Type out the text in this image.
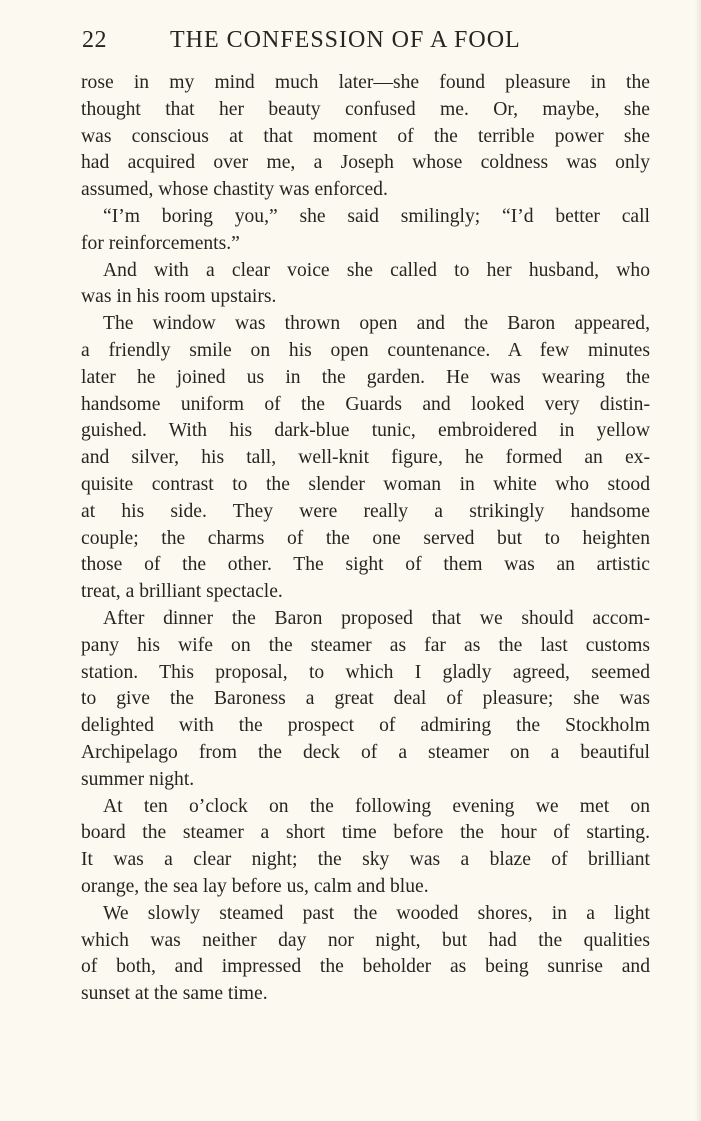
22	THE CONFESSION OF A FOOL
rose in my mind much later—she found pleasure in the
thought that her beauty confused me. Or, maybe, she
was conscious at that moment of the terrible power she
had acquired over me, a Joseph whose coldness was only
assumed, whose chastity was enforced.
“I’m boring you,” she said smilingly; “I’d better call
for reinforcements.”
And with a clear voice she called to her husband, who
was in his room upstairs.
The window was thrown open and the Baron appeared,
a friendly smile on his open countenance. A few minutes
later he joined us in the garden. He was wearing the
handsome uniform of the Guards and looked very distin-
guished. With his dark-blue tunic, embroidered in yellow
and silver, his tall, well-knit figure, he formed an ex-
quisite contrast to the slender woman in white who stood
at his side. They were really a strikingly handsome
couple; the charms of the one served but to heighten
those of the other. The sight of them was an artistic
treat, a brilliant spectacle.
After dinner the Baron proposed that we should accom-
pany his wife on the steamer as far as the last customs
station. This proposal, to which I gladly agreed, seemed
to give the Baroness a great deal of pleasure; she was
delighted with the prospect of admiring the Stockholm
Archipelago from the deck of a steamer on a beautiful
summer night.
At ten o’clock on the following evening we met on
board the steamer a short time before the hour of starting.
It was a clear night; the sky was a blaze of brilliant
orange, the sea lay before us, calm and blue.
We slowly steamed past the wooded shores, in a light
which was neither day nor night, but had the qualities
of both, and impressed the beholder as being sunrise and
sunset at the same time.
